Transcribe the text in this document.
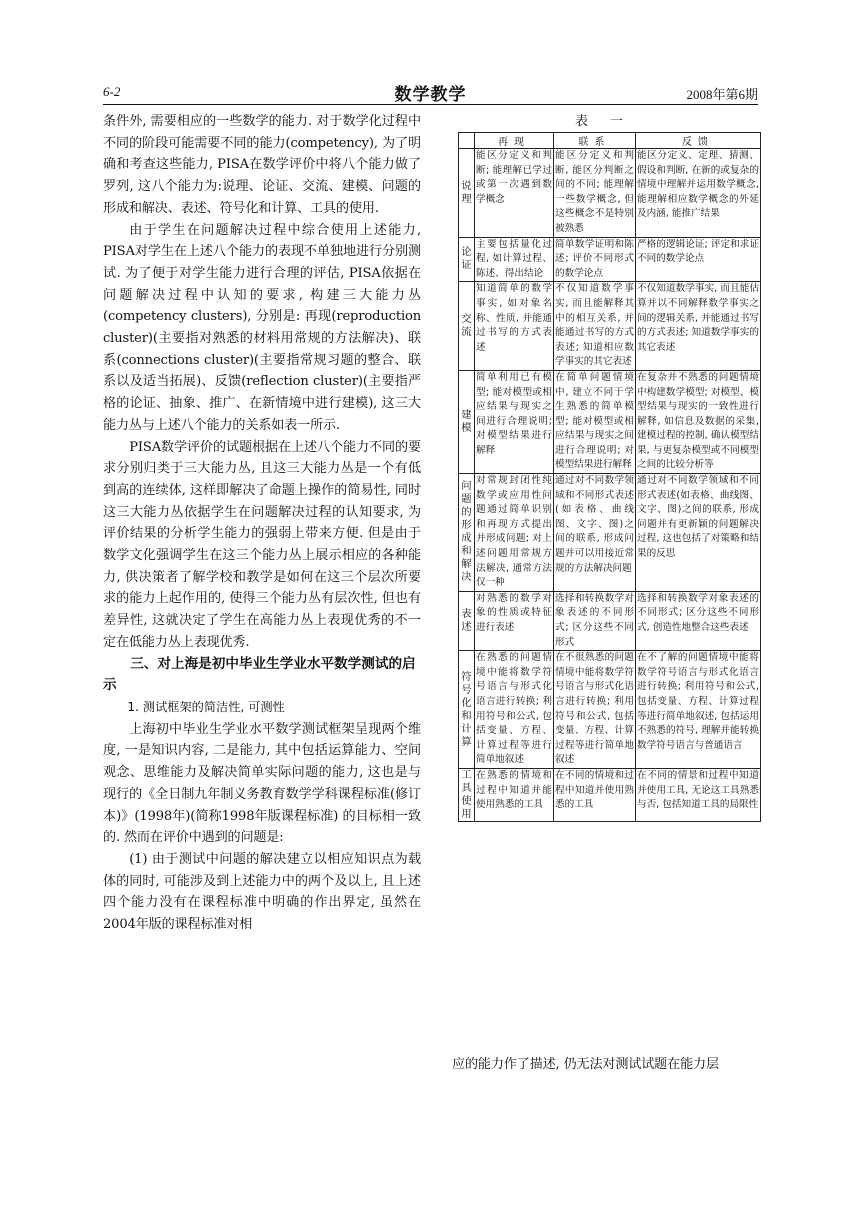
6-2	数学教学	2008年第6期

条件外, 需要相应的一些数学的能力. 对于数学化过程中不同的阶段可能需要不同的能力(competency), 为了明确和考查这些能力, PISA在数学评价中将八个能力做了罗列, 这八个能力为:说理、论证、交流、建模、问题的形成和解决、表述、符号化和计算、工具的使用.

由于学生在问题解决过程中综合使用上述能力, PISA对学生在上述八个能力的表现不单独地进行分别测试. 为了便于对学生能力进行合理的评估, PISA依据在问题解决过程中认知的要求, 构建三大能力丛(competency clusters), 分别是: 再现(reproduction cluster)(主要指对熟悉的材料用常规的方法解决)、联系(connections cluster)(主要指常规习题的整合、联系以及适当拓展)、反馈(reflection cluster)(主要指严格的论证、抽象、推广、在新情境中进行建模), 这三大能力丛与上述八个能力的关系如表一所示.

PISA数学评价的试题根据在上述八个能力不同的要求分别归类于三大能力丛, 且这三大能力丛是一个有低到高的连续体, 这样即解决了命题上操作的简易性, 同时这三大能力丛依据学生在问题解决过程的认知要求, 为评价结果的分析学生能力的强弱上带来方便. 但是由于数学文化强调学生在这三个能力丛上展示相应的各种能力, 供决策者了解学校和教学是如何在这三个层次所要求的能力上起作用的, 使得三个能力丛有层次性, 但也有差异性, 这就决定了学生在高能力丛上表现优秀的不一定在低能力丛上表现优秀.

三、对上海是初中毕业生学业水平数学测试的启示

1. 测试框架的简洁性, 可测性

上海初中毕业生学业水平数学测试框架呈现两个维度, 一是知识内容, 二是能力, 其中包括运算能力、空间观念、思维能力及解决简单实际问题的能力, 这也是与现行的《全日制九年制义务教育数学学科课程标准(修订本)》(1998年)(简称1998年版课程标准) 的目标相一致的. 然而在评价中遇到的问题是:

(1) 由于测试中问题的解决建立以相应知识点为载体的同时, 可能涉及到上述能力中的两个及以上, 且上述四个能力没有在课程标准中明确的作出界定, 虽然在2004年版的课程标准对相

表一
	再现	联系	反馈
说理	能区分定义和判断; 能理解已学过或第一次遇到数学概念	能区分定义和判断, 能区分判断之间的不同; 能理解一些数学概念, 但这些概念不是特别被熟悉	能区分定义、定理、猜测、假设和判断, 在新的或复杂的情境中理解并运用数学概念, 能理解相应数学概念的外延及内涵, 能推广结果
论证	主要包括量化过程, 如计算过程、陈述、得出结论	简单数学证明和陈述; 评价不同形式的数学论点	严格的逻辑论证; 评定和求证不同的数学论点
交流	知道简单的数学事实, 如对象名称、性质, 并能通过书写的方式表述	不仅知道数学事实, 而且能解释其中的相互关系, 并能通过书写的方式表述; 知道相应数学事实的其它表述	不仅知道数学事实, 而且能估算并以不同解释数学事实之间的逻辑关系, 并能通过书写的方式表述; 知道数学事实的其它表述
建模	简单利用已有模型; 能对模型或相应结果与现实之间进行合理说明; 对模型结果进行解释	在简单问题情境中, 建立不同于学生熟悉的简单模型; 能对模型或相应结果与现实之间进行合理说明; 对模型结果进行解释	在复杂并不熟悉的问题情境中构建数学模型; 对模型、模型结果与现实的一致性进行解释, 如信息及数据的采集, 建模过程的控制, 确认模型结果, 与更复杂模型或不同模型之间的比较分析等
问题的形成和解决	对常规封闭性纯数学或应用性问题通过简单识别和再现方式提出并形成问题; 对上述问题用常规方法解决, 通常方法仅一种	通过对不同数学领域和不同形式表述(如表格、曲线图、文字、图)之间的联系, 形成问题并可以用接近常规的方法解决问题	通过对不同数学领域和不同形式表述(如表格、曲线图、文字、图)之间的联系, 形成问题并有更新颖的问题解决过程, 这也包括了对策略和结果的反思
表述	对熟悉的数学对象的性质或特征进行表述	选择和转换数学对象表述的不同形式; 区分这些不同形式	选择和转换数学对象表述的不同形式; 区分这些不同形式, 创造性地整合这些表述
符号化和计算	在熟悉的问题情境中能将数学符号语言与形式化语言进行转换; 利用符号和公式, 包括变量、方程、计算过程等进行简单地叙述	在不很熟悉的问题情境中能将数学符号语言与形式化语言进行转换; 利用符号和公式, 包括变量、方程、计算过程等进行简单地叙述	在不了解的问题情境中能将数学符号语言与形式化语言进行转换; 利用符号和公式, 包括变量、方程、计算过程等进行简单地叙述, 包括运用不熟悉的符号, 理解并能转换数学符号语言与普通语言
工具使用	在熟悉的情境和过程中知道并能使用熟悉的工具	在不同的情境和过程中知道并使用熟悉的工具	在不同的情景和过程中知道并使用工具, 无论这工具熟悉与否, 包括知道工具的局限性

应的能力作了描述, 仍无法对测试试题在能力层
